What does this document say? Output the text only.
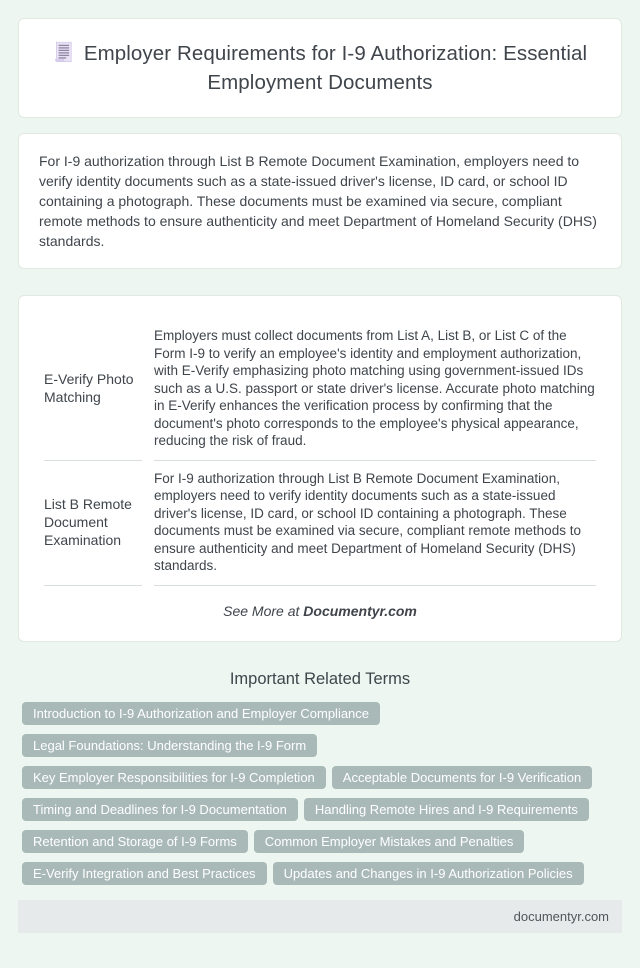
Employer Requirements for I-9 Authorization: Essential Employment Documents

For I-9 authorization through List B Remote Document Examination, employers need to verify identity documents such as a state-issued driver's license, ID card, or school ID containing a photograph. These documents must be examined via secure, compliant remote methods to ensure authenticity and meet Department of Homeland Security (DHS) standards.

E-Verify Photo Matching	Employers must collect documents from List A, List B, or List C of the Form I-9 to verify an employee's identity and employment authorization, with E-Verify emphasizing photo matching using government-issued IDs such as a U.S. passport or state driver's license. Accurate photo matching in E-Verify enhances the verification process by confirming that the document's photo corresponds to the employee's physical appearance, reducing the risk of fraud.
List B Remote Document Examination	For I-9 authorization through List B Remote Document Examination, employers need to verify identity documents such as a state-issued driver's license, ID card, or school ID containing a photograph. These documents must be examined via secure, compliant remote methods to ensure authenticity and meet Department of Homeland Security (DHS) standards.
See More at Documentyr.com
Important Related Terms
Introduction to I-9 Authorization and Employer Compliance
Legal Foundations: Understanding the I-9 Form
Key Employer Responsibilities for I-9 Completion	Acceptable Documents for I-9 Verification
Timing and Deadlines for I-9 Documentation	Handling Remote Hires and I-9 Requirements
Retention and Storage of I-9 Forms	Common Employer Mistakes and Penalties
E-Verify Integration and Best Practices	Updates and Changes in I-9 Authorization Policies
documentyr.com
